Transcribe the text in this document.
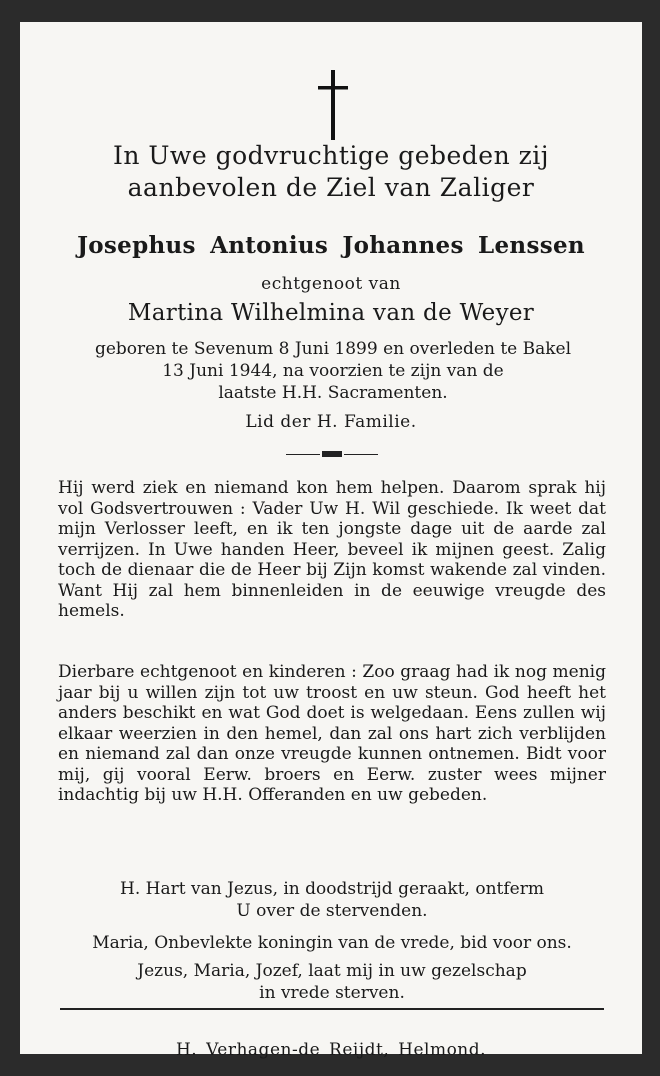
In Uwe godvruchtige gebeden zij
aanbevolen de Ziel van Zaliger
Josephus Antonius Johannes Lenssen
echtgenoot van
Martina Wilhelmina van de Weyer
geboren te Sevenum 8 Juni 1899 en overleden te Bakel
13 Juni 1944, na voorzien te zijn van de
laatste H.H. Sacramenten.
Lid der H. Familie.
Hij werd ziek en niemand kon hem helpen. Daarom sprak hij vol Godsvertrouwen : Vader Uw H. Wil geschiede. Ik weet dat mijn Verlosser leeft, en ik ten jongste dage uit de aarde zal verrijzen. In Uwe handen Heer, beveel ik mijnen geest. Zalig toch de dienaar die de Heer bij Zijn komst wakende zal vinden. Want Hij zal hem binnenleiden in de eeuwige vreugde des hemels.
Dierbare echtgenoot en kinderen : Zoo graag had ik nog menig jaar bij u willen zijn tot uw troost en uw steun. God heeft het anders beschikt en wat God doet is welgedaan. Eens zullen wij elkaar weerzien in den hemel, dan zal ons hart zich verblijden en niemand zal dan onze vreugde kunnen ontnemen. Bidt voor mij, gij vooral Eerw. broers en Eerw. zuster wees mijner indachtig bij uw H.H. Offeranden en uw gebeden.
H. Hart van Jezus, in doodstrijd geraakt, ontferm
U over de stervenden.
Maria, Onbevlekte koningin van de vrede, bid voor ons.
Jezus, Maria, Jozef, laat mij in uw gezelschap
in vrede sterven.
H. Verhagen-de Reijdt, Helmond.
